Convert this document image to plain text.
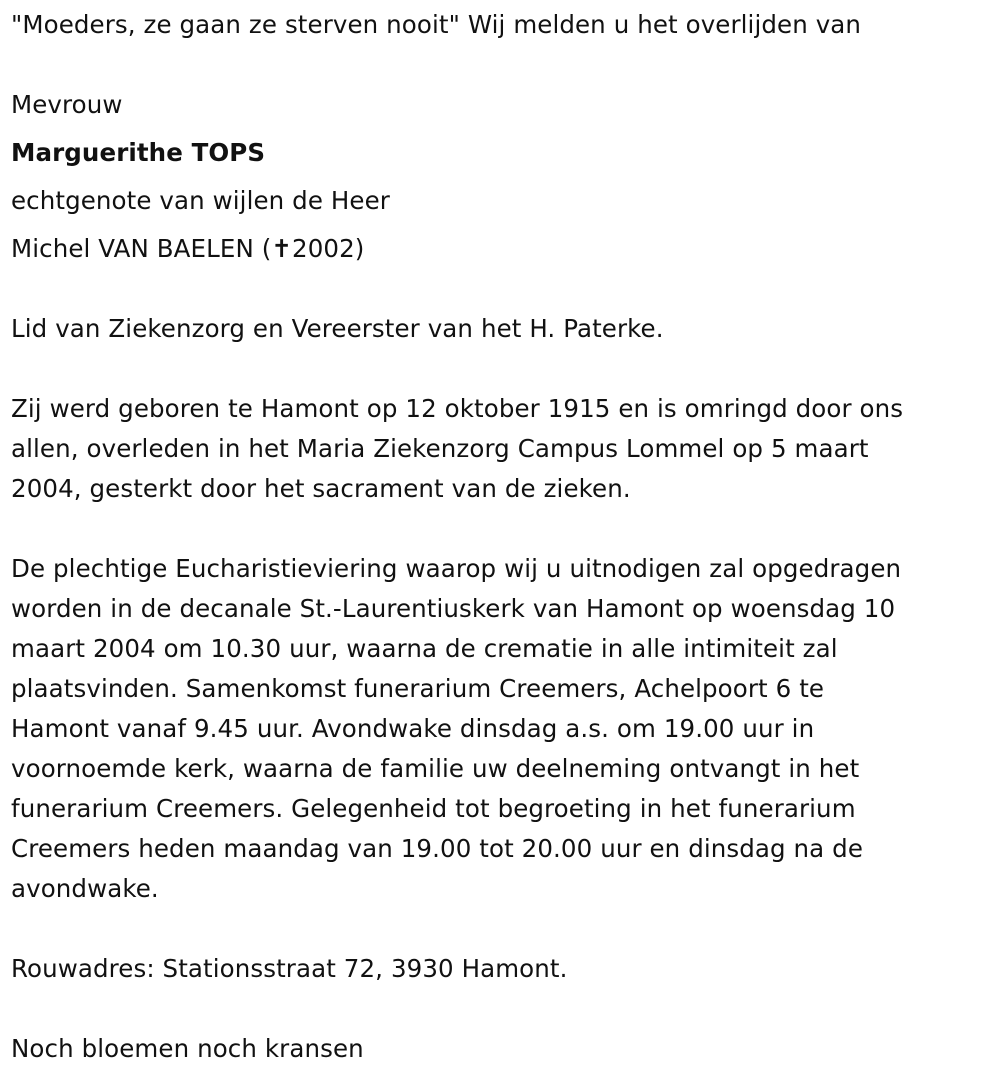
"Moeders, ze gaan ze sterven nooit" Wij melden u het overlijden van
Mevrouw
Marguerithe TOPS
echtgenote van wijlen de Heer
Michel VAN BAELEN (✝2002)
Lid van Ziekenzorg en Vereerster van het H. Paterke.
Zij werd geboren te Hamont op 12 oktober 1915 en is omringd door ons
allen, overleden in het Maria Ziekenzorg Campus Lommel op 5 maart
2004, gesterkt door het sacrament van de zieken.
De plechtige Eucharistieviering waarop wij u uitnodigen zal opgedragen
worden in de decanale St.-Laurentiuskerk van Hamont op woensdag 10
maart 2004 om 10.30 uur, waarna de crematie in alle intimiteit zal
plaatsvinden. Samenkomst funerarium Creemers, Achelpoort 6 te
Hamont vanaf 9.45 uur. Avondwake dinsdag a.s. om 19.00 uur in
voornoemde kerk, waarna de familie uw deelneming ontvangt in het
funerarium Creemers. Gelegenheid tot begroeting in het funerarium
Creemers heden maandag van 19.00 tot 20.00 uur en dinsdag na de
avondwake.
Rouwadres: Stationsstraat 72, 3930 Hamont.
Noch bloemen noch kransen
